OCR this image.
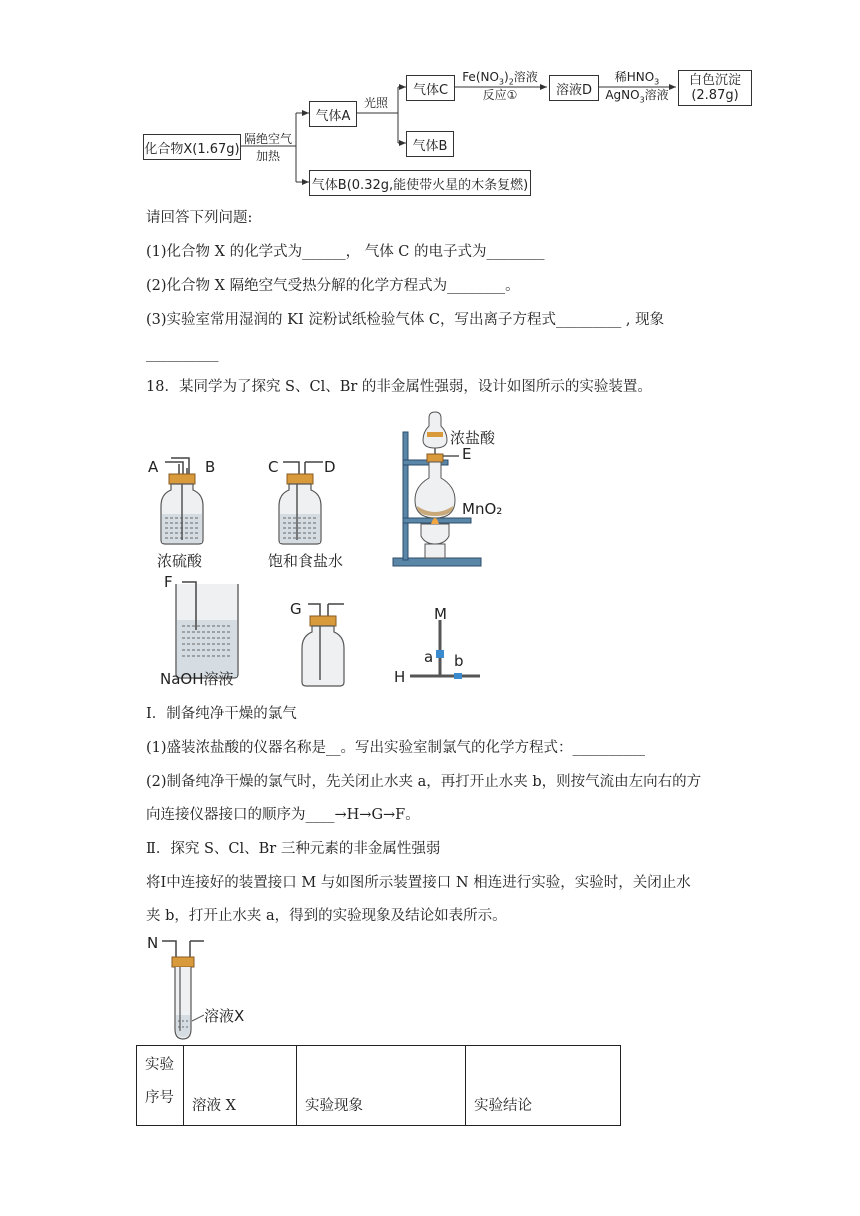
化合物X(1.67g)
隔绝空气
加热
气体A
光照
气体C
气体B
$Fe(NO_3)_2$溶液
反应①	溶液D
稀$HNO_3$
AgNO$_3$溶液
白色沉淀
(2.87g)
气体B(0.32g,能使带火星的木条复燃)
请回答下列问题:
(1)化合物 X 的化学式为______， 气体 C 的电子式为________
(2)化合物 X 隔绝空气受热分解的化学方程式为________。
(3)实验室常用湿润的 KI 淀粉试纸检验气体 C，写出离子方程式_________ , 现象
__________
18．某同学为了探究 S、Cl、Br 的非金属性强弱，设计如图所示的实验装置。
A	B
浓硫酸
C	D
饱和食盐水
浓盐酸
E
MnO₂
F
NaOH溶液
G	M
a b
H
Ⅰ．制备纯净干燥的氯气
(1)盛装浓盐酸的仪器名称是__。写出实验室制氯气的化学方程式：__________
(2)制备纯净干燥的氯气时，先关闭止水夹 a，再打开止水夹 b，则按气流由左向右的方
向连接仪器接口的顺序为____→H→G→F。
Ⅱ．探究 S、Cl、Br 三种元素的非金属性强弱
将Ⅰ中连接好的装置接口 M 与如图所示装置接口 N 相连进行实验，实验时，关闭止水
夹 b，打开止水夹 a，得到的实验现象及结论如表所示。
N
溶液X
实验
序号	溶液 X	实验现象	实验结论
